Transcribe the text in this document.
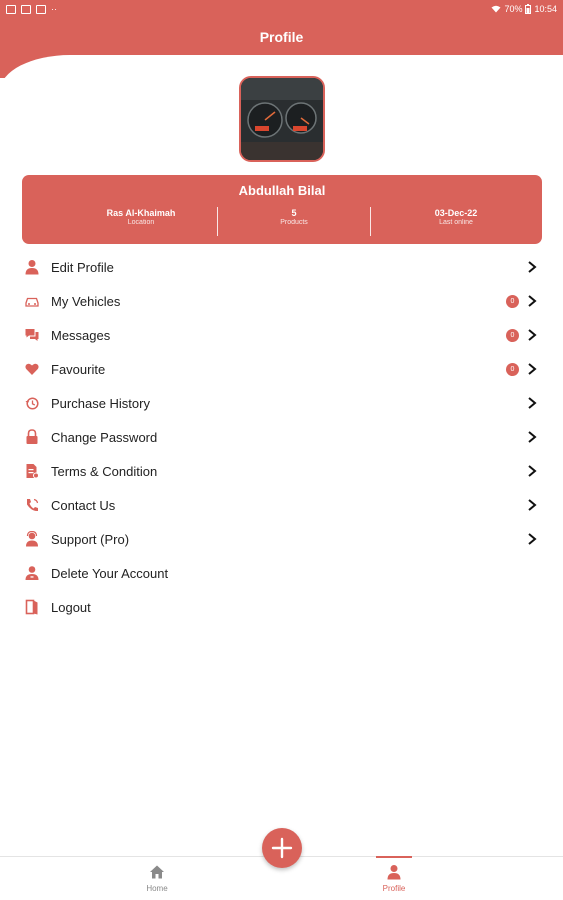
··	70% 10:54
Profile
Abdullah Bilal
Ras Al-Khaimah
Location
5
Products
03-Dec-22
Last online
Edit Profile
My Vehicles	0
Messages	0
Favourite	0
Purchase History
Change Password
Terms & Condition
Contact Us
Support (Pro)
Delete Your Account
Logout
Home	Profile
